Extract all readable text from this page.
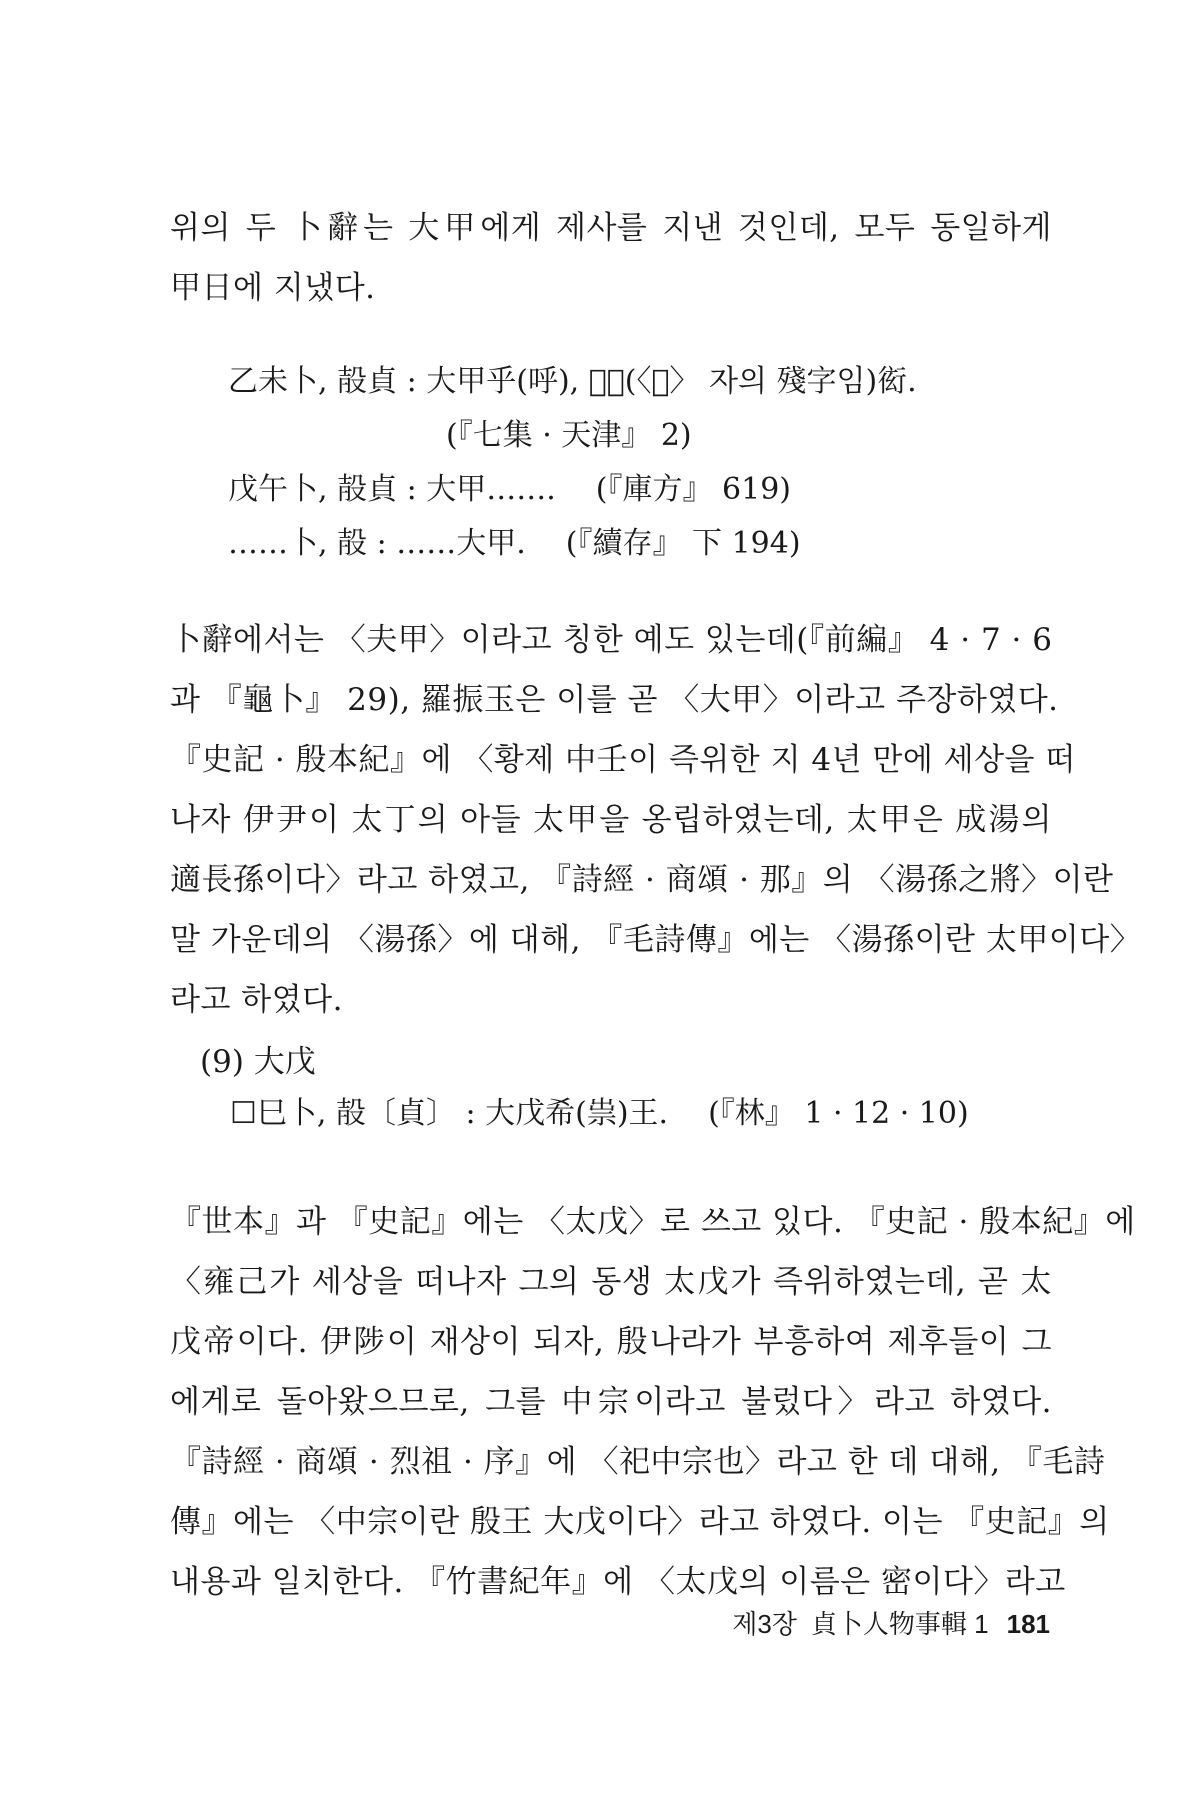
위의 두 卜辭는 大甲에게 제사를 지낸 것인데, 모두 동일하게
甲日에 지냈다.
乙未卜, 㱿貞 : 大甲乎(呼), 𠫑𢀛(〈𠫑〉 자의 殘字임)衒.
(『七集 · 天津』 2)
戊午卜, 㱿貞 : 大甲……. (『庫方』 619)
……卜, 㱿 : ……大甲. (『續存』 下 194)
卜辭에서는 〈夫甲〉이라고 칭한 예도 있는데(『前編』 4 · 7 · 6
과 『龜卜』 29), 羅振玉은 이를 곧 〈大甲〉이라고 주장하였다.
『史記 · 殷本紀』에 〈황제 中壬이 즉위한 지 4년 만에 세상을 떠
나자 伊尹이 太丁의 아들 太甲을 옹립하였는데, 太甲은 成湯의
適長孫이다〉라고 하였고, 『詩經 · 商頌 · 那』의 〈湯孫之將〉이란
말 가운데의 〈湯孫〉에 대해, 『毛詩傳』에는 〈湯孫이란 太甲이다〉
라고 하였다.
(9) 大戊
☐巳卜, 㱿〔貞〕 : 大戊希(祟)王. (『林』 1 · 12 · 10)
『世本』과 『史記』에는 〈太戊〉로 쓰고 있다. 『史記 · 殷本紀』에
〈雍己가 세상을 떠나자 그의 동생 太戊가 즉위하였는데, 곧 太
戊帝이다. 伊陟이 재상이 되자, 殷나라가 부흥하여 제후들이 그
에게로 돌아왔으므로, 그를 中宗이라고 불렀다〉라고 하였다.
『詩經 · 商頌 · 烈祖 · 序』에 〈祀中宗也〉라고 한 데 대해, 『毛詩
傳』에는 〈中宗이란 殷王 大戊이다〉라고 하였다. 이는 『史記』의
내용과 일치한다. 『竹書紀年』에 〈太戊의 이름은 密이다〉라고
제3장 貞卜人物事輯 1 181
